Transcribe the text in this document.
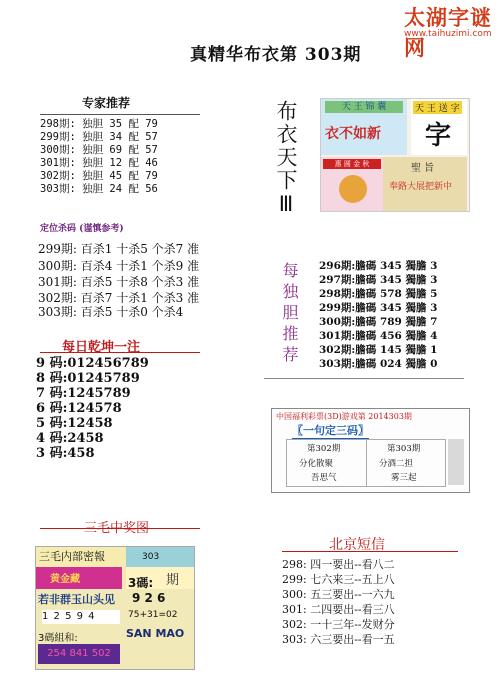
太湖字谜网
www.taihuzimi.com
真精华布衣第 303期
专家推荐
298期: 独胆 35 配 79
299期: 独胆 34 配 57
300期: 独胆 69 配 57
301期: 独胆 12 配 46
302期: 独胆 45 配 79
303期: 独胆 24 配 56
定位杀码 (谨慎参考)
299期: 百杀1 十杀5 个杀7 准
300期: 百杀4 十杀1 个杀9 准
301期: 百杀5 十杀8 个杀3 准
302期: 百杀7 十杀1 个杀3 准
303期: 百杀5 十杀0 个杀4
每日乾坤一注
9 码:012456789
8 码:01245789
7 码:1245789
6 码:124578
5 码:12458
4 码:2458
3 码:458
布衣天下Ⅲ
每独胆推荐
天 王 锦 囊
衣不如新
天 王 送 字
字
惠 圆 金 秋	聖 旨
奉路大展把新中
296期:膽碼 345 獨膽 3
297期:膽碼 345 獨膽 3
298期:膽碼 578 獨膽 5
299期:膽碼 345 獨膽 3
300期:膽碼 789 獨膽 7
301期:膽碼 456 獨膽 4
302期:膽碼 145 獨膽 1
303期:膽碼 024 獨膽 0
中国福利彩票(3D)游戏第 2014303期
〖一句定三码〗
第302期	第303期
分化散聚	分酒二担
吾思气	雾三起
三毛中奖图
三毛内部密報	303
黄金藏	期
若非群玉山头见
3碼:
9 2 6
1 2 5 9 4	75+31=02
3碼組和:	SAN MAO
254 841 502
北京短信
298: 四一要出--看八二
299: 七六来三--五上八
300: 五三要出--一六九
301: 二四要出--看三八
302: 一十三年--发财分
303: 六三要出--看一五
